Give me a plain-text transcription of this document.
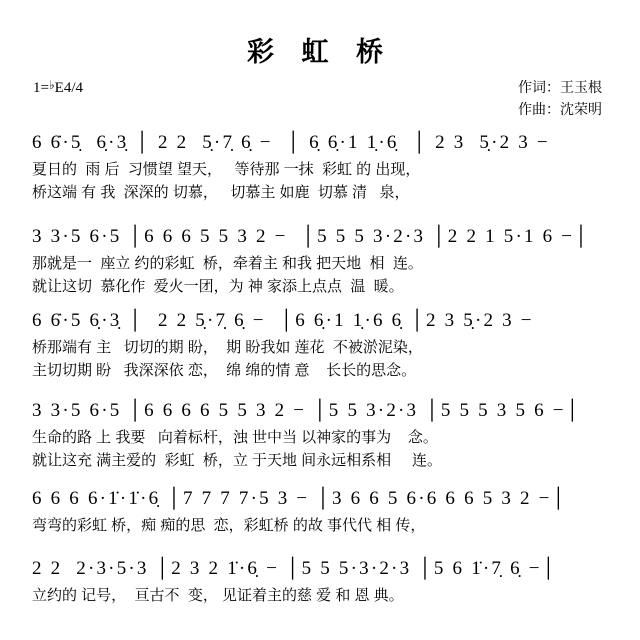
彩 虹 桥
1=♭E4/4	作词：王玉根
作曲：沈荣明
6 6̇·5̣  6̣·3̣ │ 2 2  5̣·7̣ 6̣ −  │ 6̣ 6̣·1 1̣·6̣  │ 2 3  5̣·2 3 −
夏日的  雨 后  习惯望 望天，   等待那 一抹  彩虹 的 出现，
桥这端 有 我  深深的 切慕，   切慕主 如鹿  切慕 清   泉，
3 3·5 6·5 │6 6 6 5 5 3 2 −  │5 5 5 3·2·3 │2 2 1 5·1 6 −│
那就是一  座立 约的彩虹  桥，牵着主 和我 把天地  相  连。
就让这切  慕化作  爱火一团，为 神 家添上点点  温  暖。
6 6̇·5 6̣·3̣ │  2 2 5̣·7̣ 6̣ −  │6 6̣·1 1̣·6 6̣ │2 3 5̣·2 3 −
桥那端有 主   切切的期 盼，  期 盼我如 莲花  不被淤泥染，
主切切期 盼   我深深依 恋，  绵 绵的情 意    长长的思念。
3 3·5 6·5 │6 6 6 6 5 5 3 2 − │5 5 3·2·3 │5 5 5 3 5 6 −│
生命的路 上 我要   向着标杆，浊 世中当 以神家的事为    念。
就让这充 满主爱的  彩虹  桥，立 于天地 间永远相系相     连。
6 6 6 6·1̇·1̇·6̣ │7 7 7 7·5 3 − │3 6 6 5 6·6 6 6 5 3 2 −│
弯弯的彩虹 桥，痴 痴的思  恋，彩虹桥 的故 事代代 相 传，
2 2  2·3·5·3 │2 3 2 1̇·6̣ − │5 5 5·3·2·3 │5 6 1̇·7̣ 6̣ −│
立约的 记号，  亘古不  变， 见证着主的慈 爱 和 恩 典。
